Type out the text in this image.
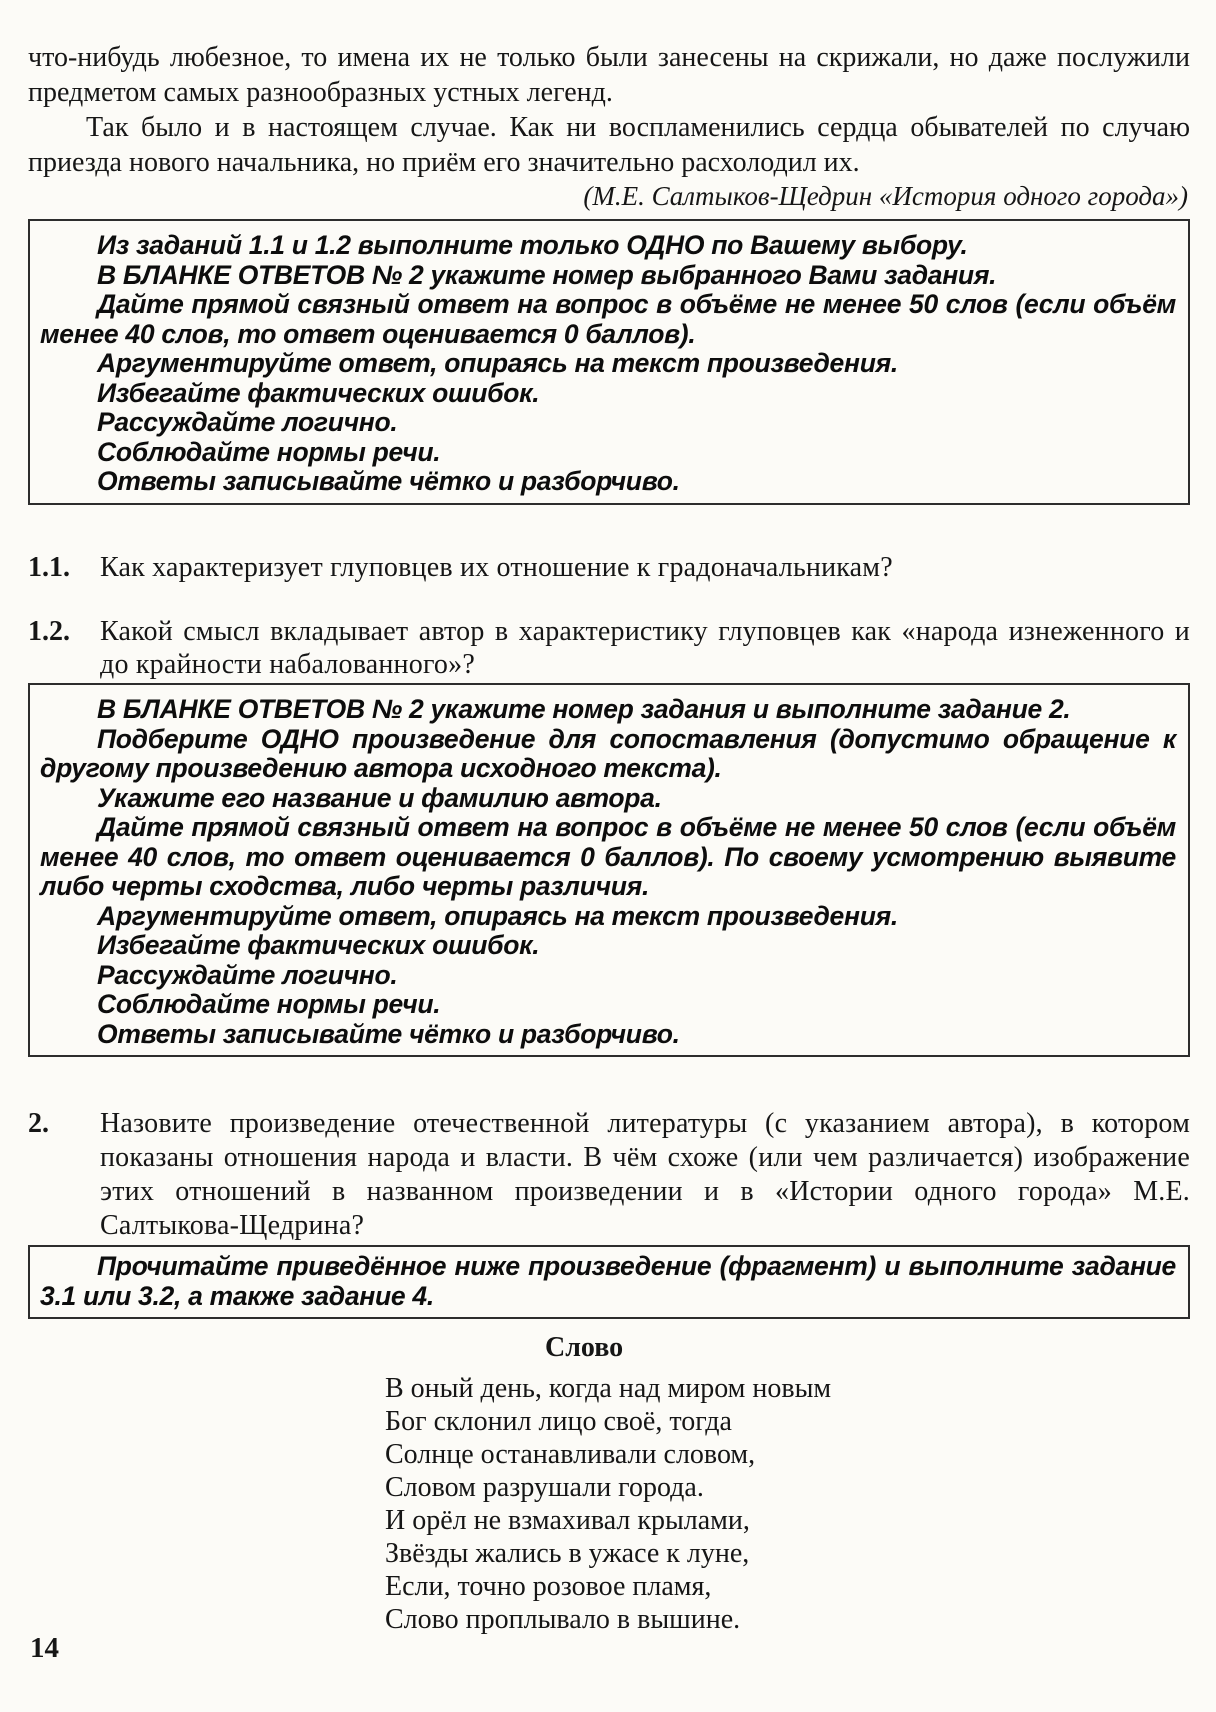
что-нибудь любезное, то имена их не только были занесены на скрижали, но даже послужили предметом самых разнообразных устных легенд.

Так было и в настоящем случае. Как ни воспламенились сердца обывателей по случаю приезда нового начальника, но приём его значительно расхолодил их.

(М.Е. Салтыков-Щедрин «История одного города»)

Из заданий 1.1 и 1.2 выполните только ОДНО по Вашему выбору.

В БЛАНКЕ ОТВЕТОВ № 2 укажите номер выбранного Вами задания.

Дайте прямой связный ответ на вопрос в объёме не менее 50 слов (если объём менее 40 слов, то ответ оценивается 0 баллов).

Аргументируйте ответ, опираясь на текст произведения.

Избегайте фактических ошибок.

Рассуждайте логично.

Соблюдайте нормы речи.

Ответы записывайте чётко и разборчиво.

1.1.	Как характеризует глуповцев их отношение к градоначальникам?
1.2.	Какой смысл вкладывает автор в характеристику глуповцев как «народа изнеженного и до крайности набалованного»?

В БЛАНКЕ ОТВЕТОВ № 2 укажите номер задания и выполните задание 2.

Подберите ОДНО произведение для сопоставления (допустимо обращение к другому произведению автора исходного текста).

Укажите его название и фамилию автора.

Дайте прямой связный ответ на вопрос в объёме не менее 50 слов (если объём менее 40 слов, то ответ оценивается 0 баллов). По своему усмотрению выявите либо черты сходства, либо черты различия.

Аргументируйте ответ, опираясь на текст произведения.

Избегайте фактических ошибок.

Рассуждайте логично.

Соблюдайте нормы речи.

Ответы записывайте чётко и разборчиво.

2.	Назовите произведение отечественной литературы (с указанием автора), в котором показаны отношения народа и власти. В чём схоже (или чем различается) изображение этих отношений в названном произведении и в «Истории одного города» М.Е. Салтыкова-Щедрина?

Прочитайте приведённое ниже произведение (фрагмент) и выполните задание 3.1 или 3.2, а также задание 4.

Слово
В оный день, когда над миром новым
Бог склонил лицо своё, тогда
Солнце останавливали словом,
Словом разрушали города.
И орёл не взмахивал крылами,
Звёзды жались в ужасе к луне,
Если, точно розовое пламя,
Слово проплывало в вышине.
14
